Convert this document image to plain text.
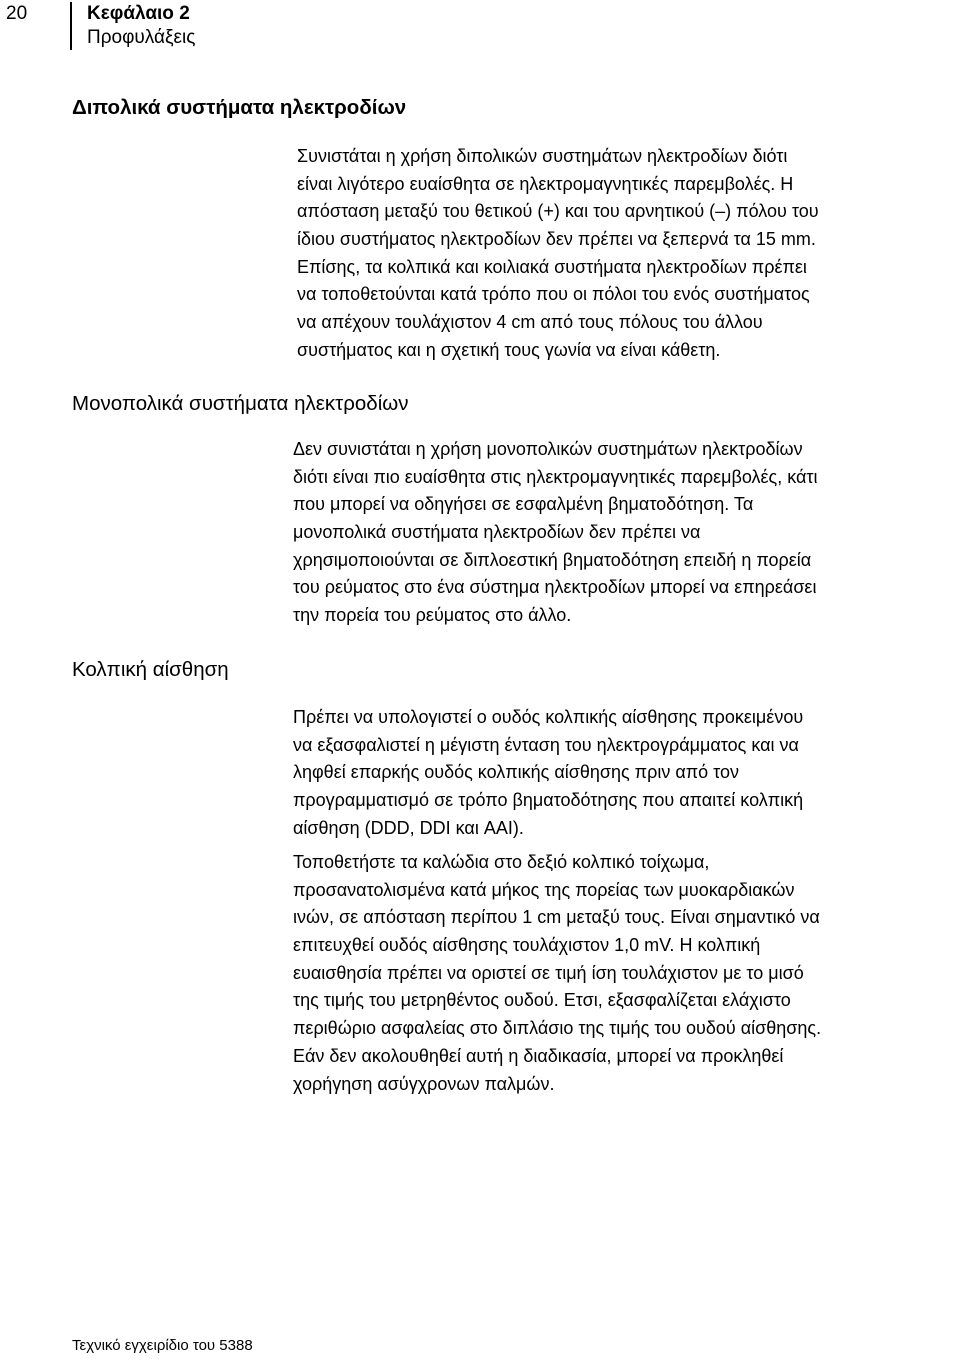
20	Κεφάλαιο 2
Προφυλάξεις
Διπολικά συστήματα ηλεκτροδίων
Συνιστάται η χρήση διπολικών συστημάτων ηλεκτροδίων διότι
είναι λιγότερο ευαίσθητα σε ηλεκτρομαγνητικές παρεμβολές. Η
απόσταση μεταξύ του θετικού (+) και του αρνητικού (–) πόλου του
ίδιου συστήματος ηλεκτροδίων δεν πρέπει να ξεπερνά τα 15 mm.
Επίσης, τα κολπικά και κοιλιακά συστήματα ηλεκτροδίων πρέπει
να τοποθετούνται κατά τρόπο που οι πόλοι του ενός συστήματος
να απέχουν τουλάχιστον 4 cm από τους πόλους του άλλου
συστήματος και η σχετική τους γωνία να είναι κάθετη.
Μονοπολικά συστήματα ηλεκτροδίων
Δεν συνιστάται η χρήση μονοπολικών συστημάτων ηλεκτροδίων
διότι είναι πιο ευαίσθητα στις ηλεκτρομαγνητικές παρεμβολές, κάτι
που μπορεί να οδηγήσει σε εσφαλμένη βηματοδότηση. Τα
μονοπολικά συστήματα ηλεκτροδίων δεν πρέπει να
χρησιμοποιούνται σε διπλοεστική βηματοδότηση επειδή η πορεία
του ρεύματος στο ένα σύστημα ηλεκτροδίων μπορεί να επηρεάσει
την πορεία του ρεύματος στο άλλο.
Κολπική αίσθηση
Πρέπει να υπολογιστεί ο ουδός κολπικής αίσθησης προκειμένου
να εξασφαλιστεί η μέγιστη ένταση του ηλεκτρογράμματος και να
ληφθεί επαρκής ουδός κολπικής αίσθησης πριν από τον
προγραμματισμό σε τρόπο βηματοδότησης που απαιτεί κολπική
αίσθηση (DDD, DDI και AAI).
Τοποθετήστε τα καλώδια στο δεξιό κολπικό τοίχωμα,
προσανατολισμένα κατά μήκος της πορείας των μυοκαρδιακών
ινών, σε απόσταση περίπου 1 cm μεταξύ τους. Είναι σημαντικό να
επιτευχθεί ουδός αίσθησης τουλάχιστον 1,0 mV. Η κολπική
ευαισθησία πρέπει να οριστεί σε τιμή ίση τουλάχιστον με το μισό
της τιμής του μετρηθέντος ουδού. Ετσι, εξασφαλίζεται ελάχιστο
περιθώριο ασφαλείας στο διπλάσιο της τιμής του ουδού αίσθησης.
Εάν δεν ακολουθηθεί αυτή η διαδικασία, μπορεί να προκληθεί
χορήγηση ασύγχρονων παλμών.
Τεχνικό εγχειρίδιο του 5388
